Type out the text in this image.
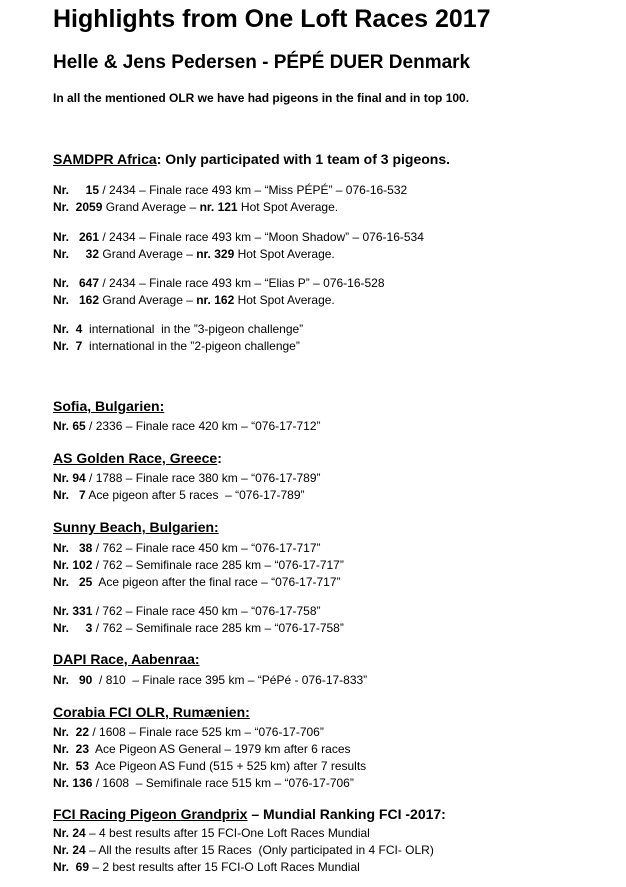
Highlights from One Loft Races 2017
Helle & Jens Pedersen - PÉPÉ DUER Denmark
In all the mentioned OLR we have had pigeons in the final and in top 100.
SAMDPR Africa: Only participated with 1 team of 3 pigeons.
Nr.     15 / 2434 – Finale race 493 km – “Miss PÉPÉ” – 076-16-532
Nr.  2059 Grand Average – nr. 121 Hot Spot Average.
Nr.   261 / 2434 – Finale race 493 km – “Moon Shadow” – 076-16-534
Nr.     32 Grand Average – nr. 329 Hot Spot Average.
Nr.   647 / 2434 – Finale race 493 km – “Elias P” – 076-16-528
Nr.   162 Grand Average – nr. 162 Hot Spot Average.
Nr.  4  international  in the ”3-pigeon challenge”
Nr.  7  international in the ”2-pigeon challenge”
Sofia, Bulgarien:
Nr. 65 / 2336 – Finale race 420 km – “076-17-712”
AS Golden Race, Greece:
Nr. 94 / 1788 – Finale race 380 km – “076-17-789”
Nr.   7 Ace pigeon after 5 races  – “076-17-789”
Sunny Beach, Bulgarien:
Nr.   38 / 762 – Finale race 450 km – “076-17-717”
Nr. 102 / 762 – Semifinale race 285 km – “076-17-717”
Nr.   25  Ace pigeon after the final race – “076-17-717”
Nr. 331 / 762 – Finale race 450 km – “076-17-758”
Nr.     3 / 762 – Semifinale race 285 km – “076-17-758”
DAPI Race, Aabenraa:
Nr.   90  / 810  – Finale race 395 km – “PéPé - 076-17-833”
Corabia FCI OLR, Rumænien:
Nr.  22 / 1608 – Finale race 525 km – “076-17-706”
Nr.  23  Ace Pigeon AS General – 1979 km after 6 races
Nr.  53  Ace Pigeon AS Fund (515 + 525 km) after 7 results
Nr. 136 / 1608  – Semifinale race 515 km – “076-17-706”
FCI Racing Pigeon Grandprix – Mundial Ranking FCI -2017:
Nr. 24 – 4 best results after 15 FCI-One Loft Races Mundial
Nr. 24 – All the results after 15 Races  (Only participated in 4 FCI- OLR)
Nr.  69 – 2 best results after 15 FCI-O Loft Races Mundial
